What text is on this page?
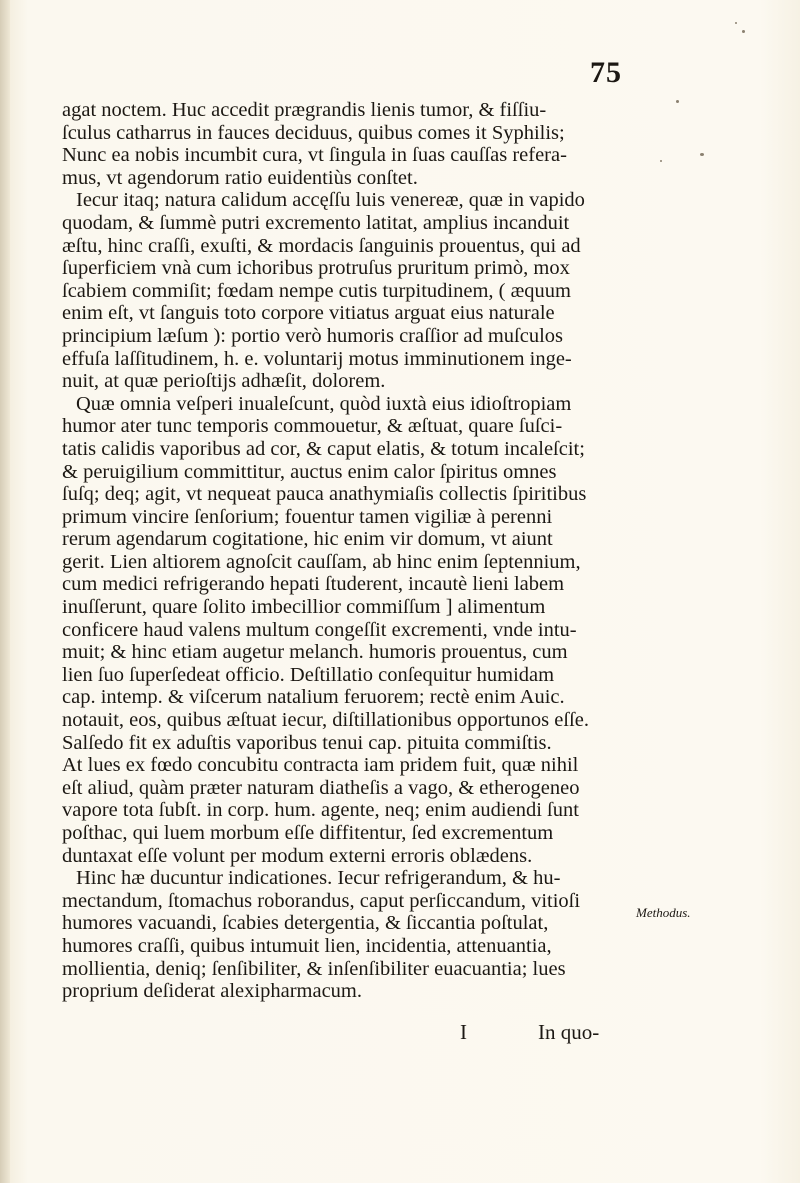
75
agat noctem. Huc accedit prægrandis lienis tumor, & fiſſiu-
ſculus catharrus in fauces deciduus, quibus comes it Syphilis;
Nunc ea nobis incumbit cura, vt ſingula in ſuas cauſſas refera-
mus, vt agendorum ratio euidentiùs conſtet.
Iecur itaq; natura calidum accęſſu luis venereæ, quæ in vapido
quodam, & ſummè putri excremento latitat, amplius incanduit
æſtu, hinc craſſi, exuſti, & mordacis ſanguinis prouentus, qui ad
ſuperficiem vnà cum ichoribus protruſus pruritum primò, mox
ſcabiem commiſit; fœdam nempe cutis turpitudinem, ( æquum
enim eſt, vt ſanguis toto corpore vitiatus arguat eius naturale
principium læſum ): portio verò humoris craſſior ad muſculos
effuſa laſſitudinem, h. e. voluntarij motus imminutionem inge-
nuit, at quæ perioſtijs adhæſit, dolorem.
Quæ omnia veſperi inualeſcunt, quòd iuxtà eius idioſtropiam
humor ater tunc temporis commouetur, & æſtuat, quare ſuſci-
tatis calidis vaporibus ad cor, & caput elatis, & totum incaleſcit;
& peruigilium committitur, auctus enim calor ſpiritus omnes
ſuſq; deq; agit, vt nequeat pauca anathymiaſis collectis ſpiritibus
primum vincire ſenſorium; fouentur tamen vigiliæ à perenni
rerum agendarum cogitatione, hic enim vir domum, vt aiunt
gerit. Lien altiorem agnoſcit cauſſam, ab hinc enim ſeptennium,
cum medici refrigerando hepati ſtuderent, incautè lieni labem
inuſſerunt, quare ſolito imbecillior commiſſum ] alimentum
conficere haud valens multum congeſſit excrementi, vnde intu-
muit; & hinc etiam augetur melanch. humoris prouentus, cum
lien ſuo ſuperſedeat officio. Deſtillatio conſequitur humidam
cap. intemp. & viſcerum natalium feruorem; rectè enim Auic.
notauit, eos, quibus æſtuat iecur, diſtillationibus opportunos eſſe.
Salſedo fit ex aduſtis vaporibus tenui cap. pituita commiſtis.
At lues ex fœdo concubitu contracta iam pridem fuit, quæ nihil
eſt aliud, quàm præter naturam diatheſis a vago, & etherogeneo
vapore tota ſubſt. in corp. hum. agente, neq; enim audiendi ſunt
poſthac, qui luem morbum eſſe diffitentur, ſed excrementum
duntaxat eſſe volunt per modum externi erroris oblædens.
Hinc hæ ducuntur indicationes. Iecur refrigerandum, & hu-
mectandum, ſtomachus roborandus, caput perſiccandum, vitioſi
humores vacuandi, ſcabies detergentia, & ſiccantia poſtulat,
humores craſſi, quibus intumuit lien, incidentia, attenuantia,
mollientia, deniq; ſenſibiliter, & inſenſibiliter euacuantia; lues
proprium deſiderat alexipharmacum.
Methodus.
I	In quo-
